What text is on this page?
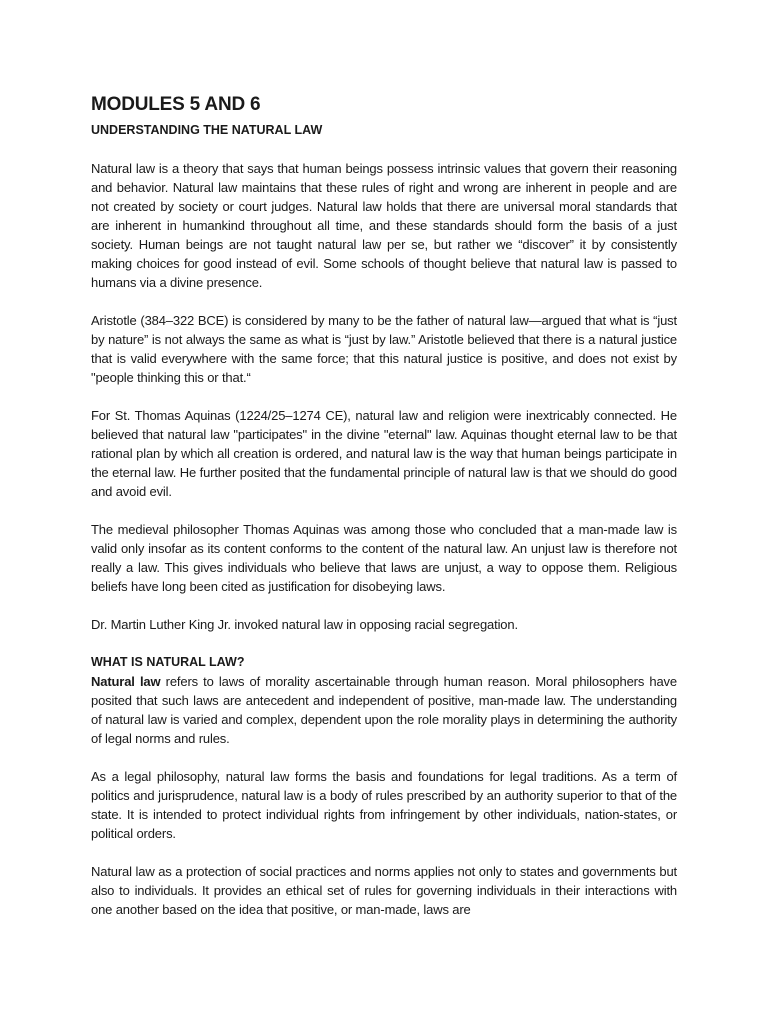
MODULES 5 AND 6
UNDERSTANDING THE NATURAL LAW

Natural law is a theory that says that human beings possess intrinsic values that govern their reasoning and behavior. Natural law maintains that these rules of right and wrong are inherent in people and are not created by society or court judges. Natural law holds that there are universal moral standards that are inherent in humankind throughout all time, and these standards should form the basis of a just society. Human beings are not taught natural law per se, but rather we “discover” it by consistently making choices for good instead of evil. Some schools of thought believe that natural law is passed to humans via a divine presence.

Aristotle (384–322 BCE) is considered by many to be the father of natural law—argued that what is “just by nature” is not always the same as what is “just by law.” Aristotle believed that there is a natural justice that is valid everywhere with the same force; that this natural justice is positive, and does not exist by "people thinking this or that.“

For St. Thomas Aquinas (1224/25–1274 CE), natural law and religion were inextricably connected. He believed that natural law "participates" in the divine "eternal" law. Aquinas thought eternal law to be that rational plan by which all creation is ordered, and natural law is the way that human beings participate in the eternal law. He further posited that the fundamental principle of natural law is that we should do good and avoid evil.

The medieval philosopher Thomas Aquinas was among those who concluded that a man-made law is valid only insofar as its content conforms to the content of the natural law. An unjust law is therefore not really a law. This gives individuals who believe that laws are unjust, a way to oppose them. Religious beliefs have long been cited as justification for disobeying laws.

Dr. Martin Luther King Jr. invoked natural law in opposing racial segregation.

WHAT IS NATURAL LAW?

Natural law refers to laws of morality ascertainable through human reason. Moral philosophers have posited that such laws are antecedent and independent of positive, man-made law. The understanding of natural law is varied and complex, dependent upon the role morality plays in determining the authority of legal norms and rules.

As a legal philosophy, natural law forms the basis and foundations for legal traditions. As a term of politics and jurisprudence, natural law is a body of rules prescribed by an authority superior to that of the state. It is intended to protect individual rights from infringement by other individuals, nation-states, or political orders.

Natural law as a protection of social practices and norms applies not only to states and governments but also to individuals. It provides an ethical set of rules for governing individuals in their interactions with one another based on the idea that positive, or man-made, laws are
